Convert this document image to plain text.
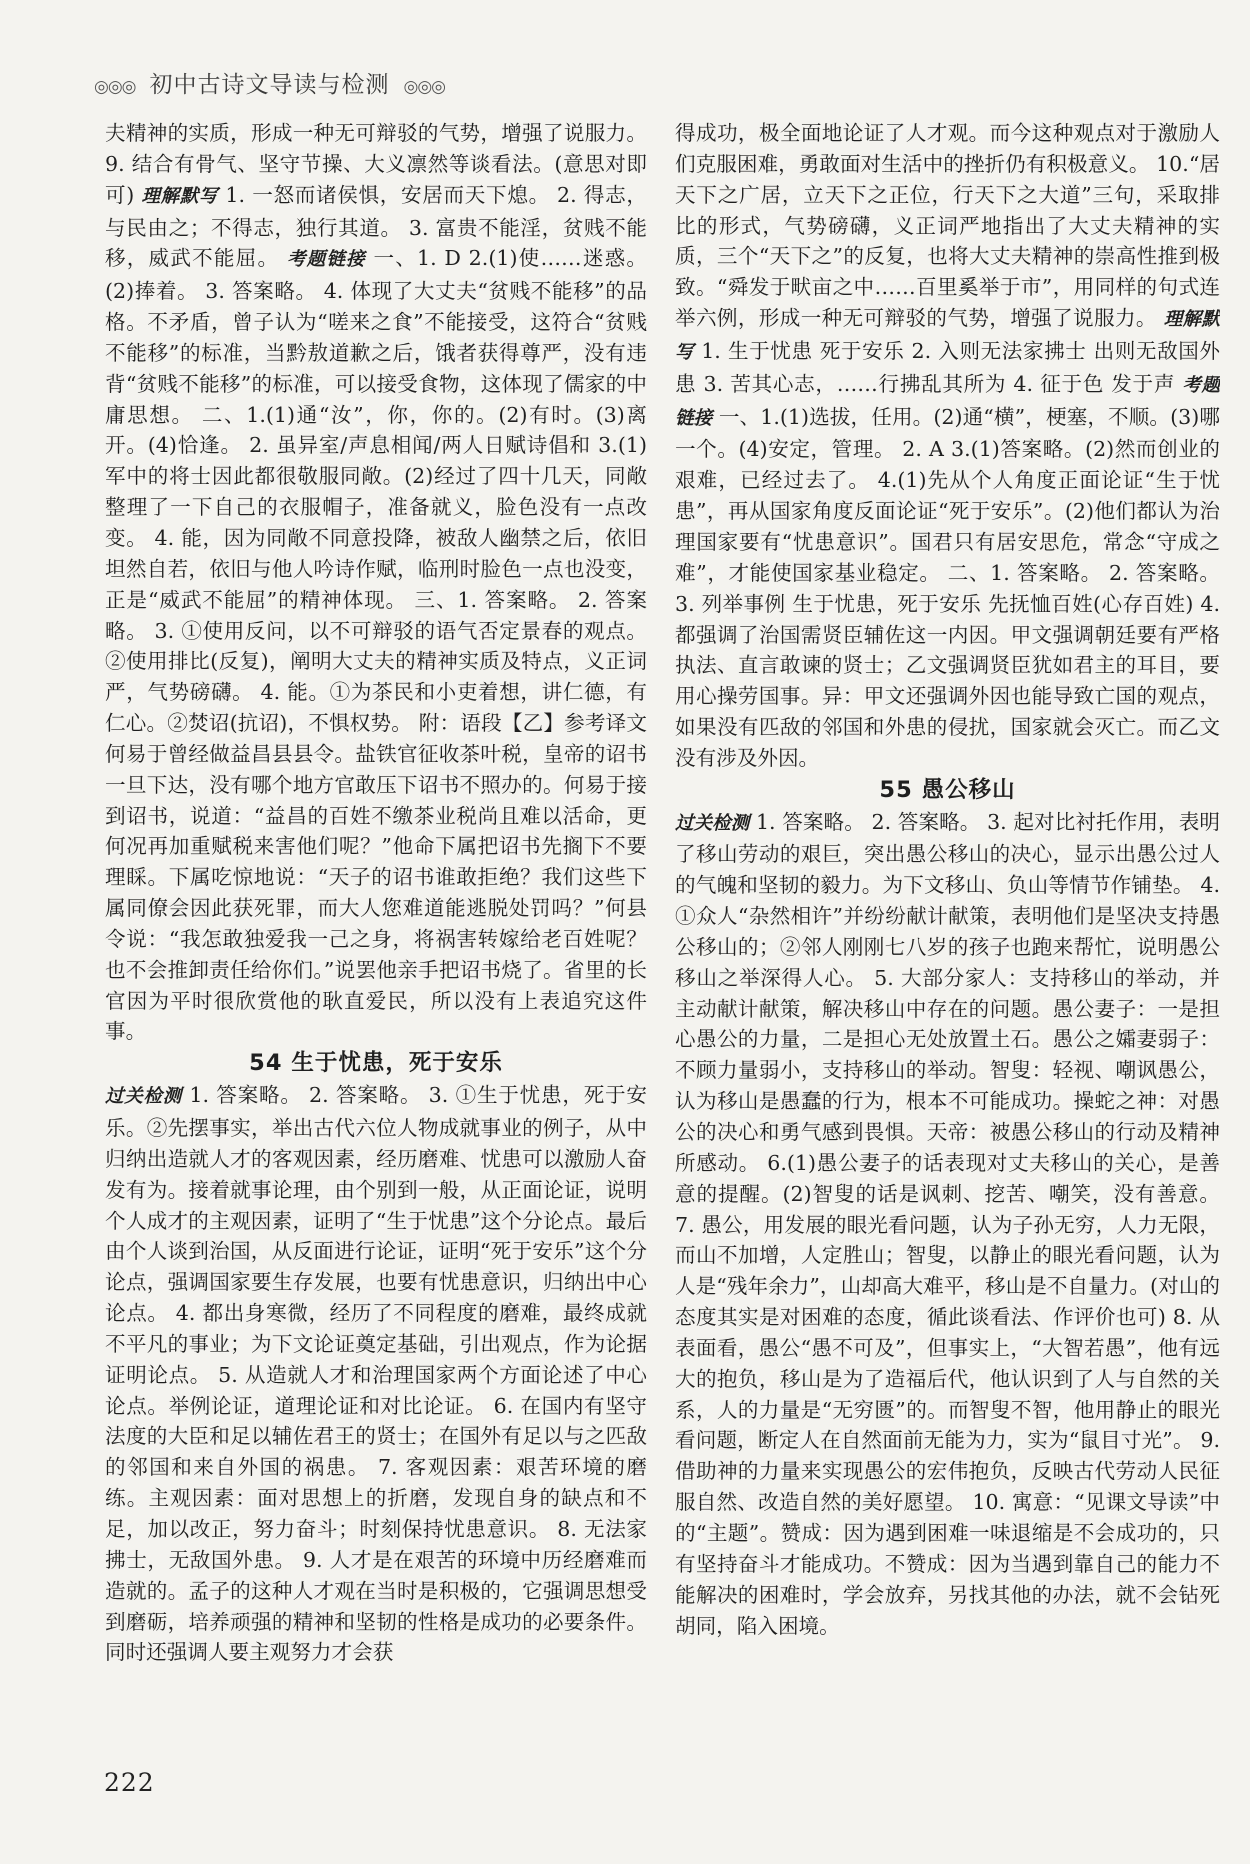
◎◎◎ 初中古诗文导读与检测 ◎◎◎

夫精神的实质，形成一种无可辩驳的气势，增强了说服力。 9. 结合有骨气、坚守节操、大义凛然等谈看法。(意思对即可) 理解默写 1. 一怒而诸侯惧，安居而天下熄。 2. 得志，与民由之；不得志，独行其道。 3. 富贵不能淫，贫贱不能移，威武不能屈。 考题链接 一、1. D 2.(1)使……迷惑。(2)捧着。 3. 答案略。 4. 体现了大丈夫“贫贱不能移”的品格。不矛盾，曾子认为“嗟来之食”不能接受，这符合“贫贱不能移”的标准，当黔敖道歉之后，饿者获得尊严，没有违背“贫贱不能移”的标准，可以接受食物，这体现了儒家的中庸思想。 二、1.(1)通“汝”，你，你的。(2)有时。(3)离开。(4)恰逢。 2. 虽异室/声息相闻/两人日赋诗倡和 3.(1)军中的将士因此都很敬服同敞。(2)经过了四十几天，同敞整理了一下自己的衣服帽子，准备就义，脸色没有一点改变。 4. 能，因为同敞不同意投降，被敌人幽禁之后，依旧坦然自若，依旧与他人吟诗作赋，临刑时脸色一点也没变，正是“威武不能屈”的精神体现。 三、1. 答案略。 2. 答案略。 3. ①使用反问，以不可辩驳的语气否定景春的观点。②使用排比(反复)，阐明大丈夫的精神实质及特点，义正词严，气势磅礴。 4. 能。①为茶民和小吏着想，讲仁德，有仁心。②焚诏(抗诏)，不惧权势。 附：语段【乙】参考译文 何易于曾经做益昌县县令。盐铁官征收茶叶税，皇帝的诏书一旦下达，没有哪个地方官敢压下诏书不照办的。何易于接到诏书，说道：“益昌的百姓不缴茶业税尚且难以活命，更何况再加重赋税来害他们呢？”他命下属把诏书先搁下不要理睬。下属吃惊地说：“天子的诏书谁敢拒绝？我们这些下属同僚会因此获死罪，而大人您难道能逃脱处罚吗？”何县令说：“我怎敢独爱我一己之身，将祸害转嫁给老百姓呢？也不会推卸责任给你们。”说罢他亲手把诏书烧了。省里的长官因为平时很欣赏他的耿直爱民，所以没有上表追究这件事。

54 生于忧患，死于安乐

过关检测 1. 答案略。 2. 答案略。 3. ①生于忧患，死于安乐。②先摆事实，举出古代六位人物成就事业的例子，从中归纳出造就人才的客观因素，经历磨难、忧患可以激励人奋发有为。接着就事论理，由个别到一般，从正面论证，说明个人成才的主观因素，证明了“生于忧患”这个分论点。最后由个人谈到治国，从反面进行论证，证明“死于安乐”这个分论点，强调国家要生存发展，也要有忧患意识，归纳出中心论点。 4. 都出身寒微，经历了不同程度的磨难，最终成就不平凡的事业；为下文论证奠定基础，引出观点，作为论据证明论点。 5. 从造就人才和治理国家两个方面论述了中心论点。举例论证，道理论证和对比论证。 6. 在国内有坚守法度的大臣和足以辅佐君王的贤士；在国外有足以与之匹敌的邻国和来自外国的祸患。 7. 客观因素：艰苦环境的磨练。主观因素：面对思想上的折磨，发现自身的缺点和不足，加以改正，努力奋斗；时刻保持忧患意识。 8. 无法家拂士，无敌国外患。 9. 人才是在艰苦的环境中历经磨难而造就的。孟子的这种人才观在当时是积极的，它强调思想受到磨砺，培养顽强的精神和坚韧的性格是成功的必要条件。同时还强调人要主观努力才会获

得成功，极全面地论证了人才观。而今这种观点对于激励人们克服困难，勇敢面对生活中的挫折仍有积极意义。 10.“居天下之广居，立天下之正位，行天下之大道”三句，采取排比的形式，气势磅礴，义正词严地指出了大丈夫精神的实质，三个“天下之”的反复，也将大丈夫精神的崇高性推到极致。“舜发于畎亩之中……百里奚举于市”，用同样的句式连举六例，形成一种无可辩驳的气势，增强了说服力。 理解默写 1. 生于忧患 死于安乐 2. 入则无法家拂士 出则无敌国外患 3. 苦其心志，……行拂乱其所为 4. 征于色 发于声 考题链接 一、1.(1)选拔，任用。(2)通“横”，梗塞，不顺。(3)哪一个。(4)安定，管理。 2. A 3.(1)答案略。(2)然而创业的艰难，已经过去了。 4.(1)先从个人角度正面论证“生于忧患”，再从国家角度反面论证“死于安乐”。(2)他们都认为治理国家要有“忧患意识”。国君只有居安思危，常念“守成之难”，才能使国家基业稳定。 二、1. 答案略。 2. 答案略。 3. 列举事例 生于忧患，死于安乐 先抚恤百姓(心存百姓) 4. 都强调了治国需贤臣辅佐这一内因。甲文强调朝廷要有严格执法、直言敢谏的贤士；乙文强调贤臣犹如君主的耳目，要用心操劳国事。异：甲文还强调外因也能导致亡国的观点，如果没有匹敌的邻国和外患的侵扰，国家就会灭亡。而乙文没有涉及外因。

55 愚公移山

过关检测 1. 答案略。 2. 答案略。 3. 起对比衬托作用，表明了移山劳动的艰巨，突出愚公移山的决心，显示出愚公过人的气魄和坚韧的毅力。为下文移山、负山等情节作铺垫。 4. ①众人“杂然相许”并纷纷献计献策，表明他们是坚决支持愚公移山的；②邻人刚刚七八岁的孩子也跑来帮忙，说明愚公移山之举深得人心。 5. 大部分家人：支持移山的举动，并主动献计献策，解决移山中存在的问题。愚公妻子：一是担心愚公的力量，二是担心无处放置土石。愚公之孀妻弱子：不顾力量弱小，支持移山的举动。智叟：轻视、嘲讽愚公，认为移山是愚蠢的行为，根本不可能成功。操蛇之神：对愚公的决心和勇气感到畏惧。天帝：被愚公移山的行动及精神所感动。 6.(1)愚公妻子的话表现对丈夫移山的关心，是善意的提醒。(2)智叟的话是讽刺、挖苦、嘲笑，没有善意。 7. 愚公，用发展的眼光看问题，认为子孙无穷，人力无限，而山不加增，人定胜山；智叟，以静止的眼光看问题，认为人是“残年余力”，山却高大难平，移山是不自量力。(对山的态度其实是对困难的态度，循此谈看法、作评价也可) 8. 从表面看，愚公“愚不可及”，但事实上，“大智若愚”，他有远大的抱负，移山是为了造福后代，他认识到了人与自然的关系，人的力量是“无穷匮”的。而智叟不智，他用静止的眼光看问题，断定人在自然面前无能为力，实为“鼠目寸光”。 9. 借助神的力量来实现愚公的宏伟抱负，反映古代劳动人民征服自然、改造自然的美好愿望。 10. 寓意：“见课文导读”中的“主题”。赞成：因为遇到困难一味退缩是不会成功的，只有坚持奋斗才能成功。不赞成：因为当遇到靠自己的能力不能解决的困难时，学会放弃，另找其他的办法，就不会钻死胡同，陷入困境。

222
